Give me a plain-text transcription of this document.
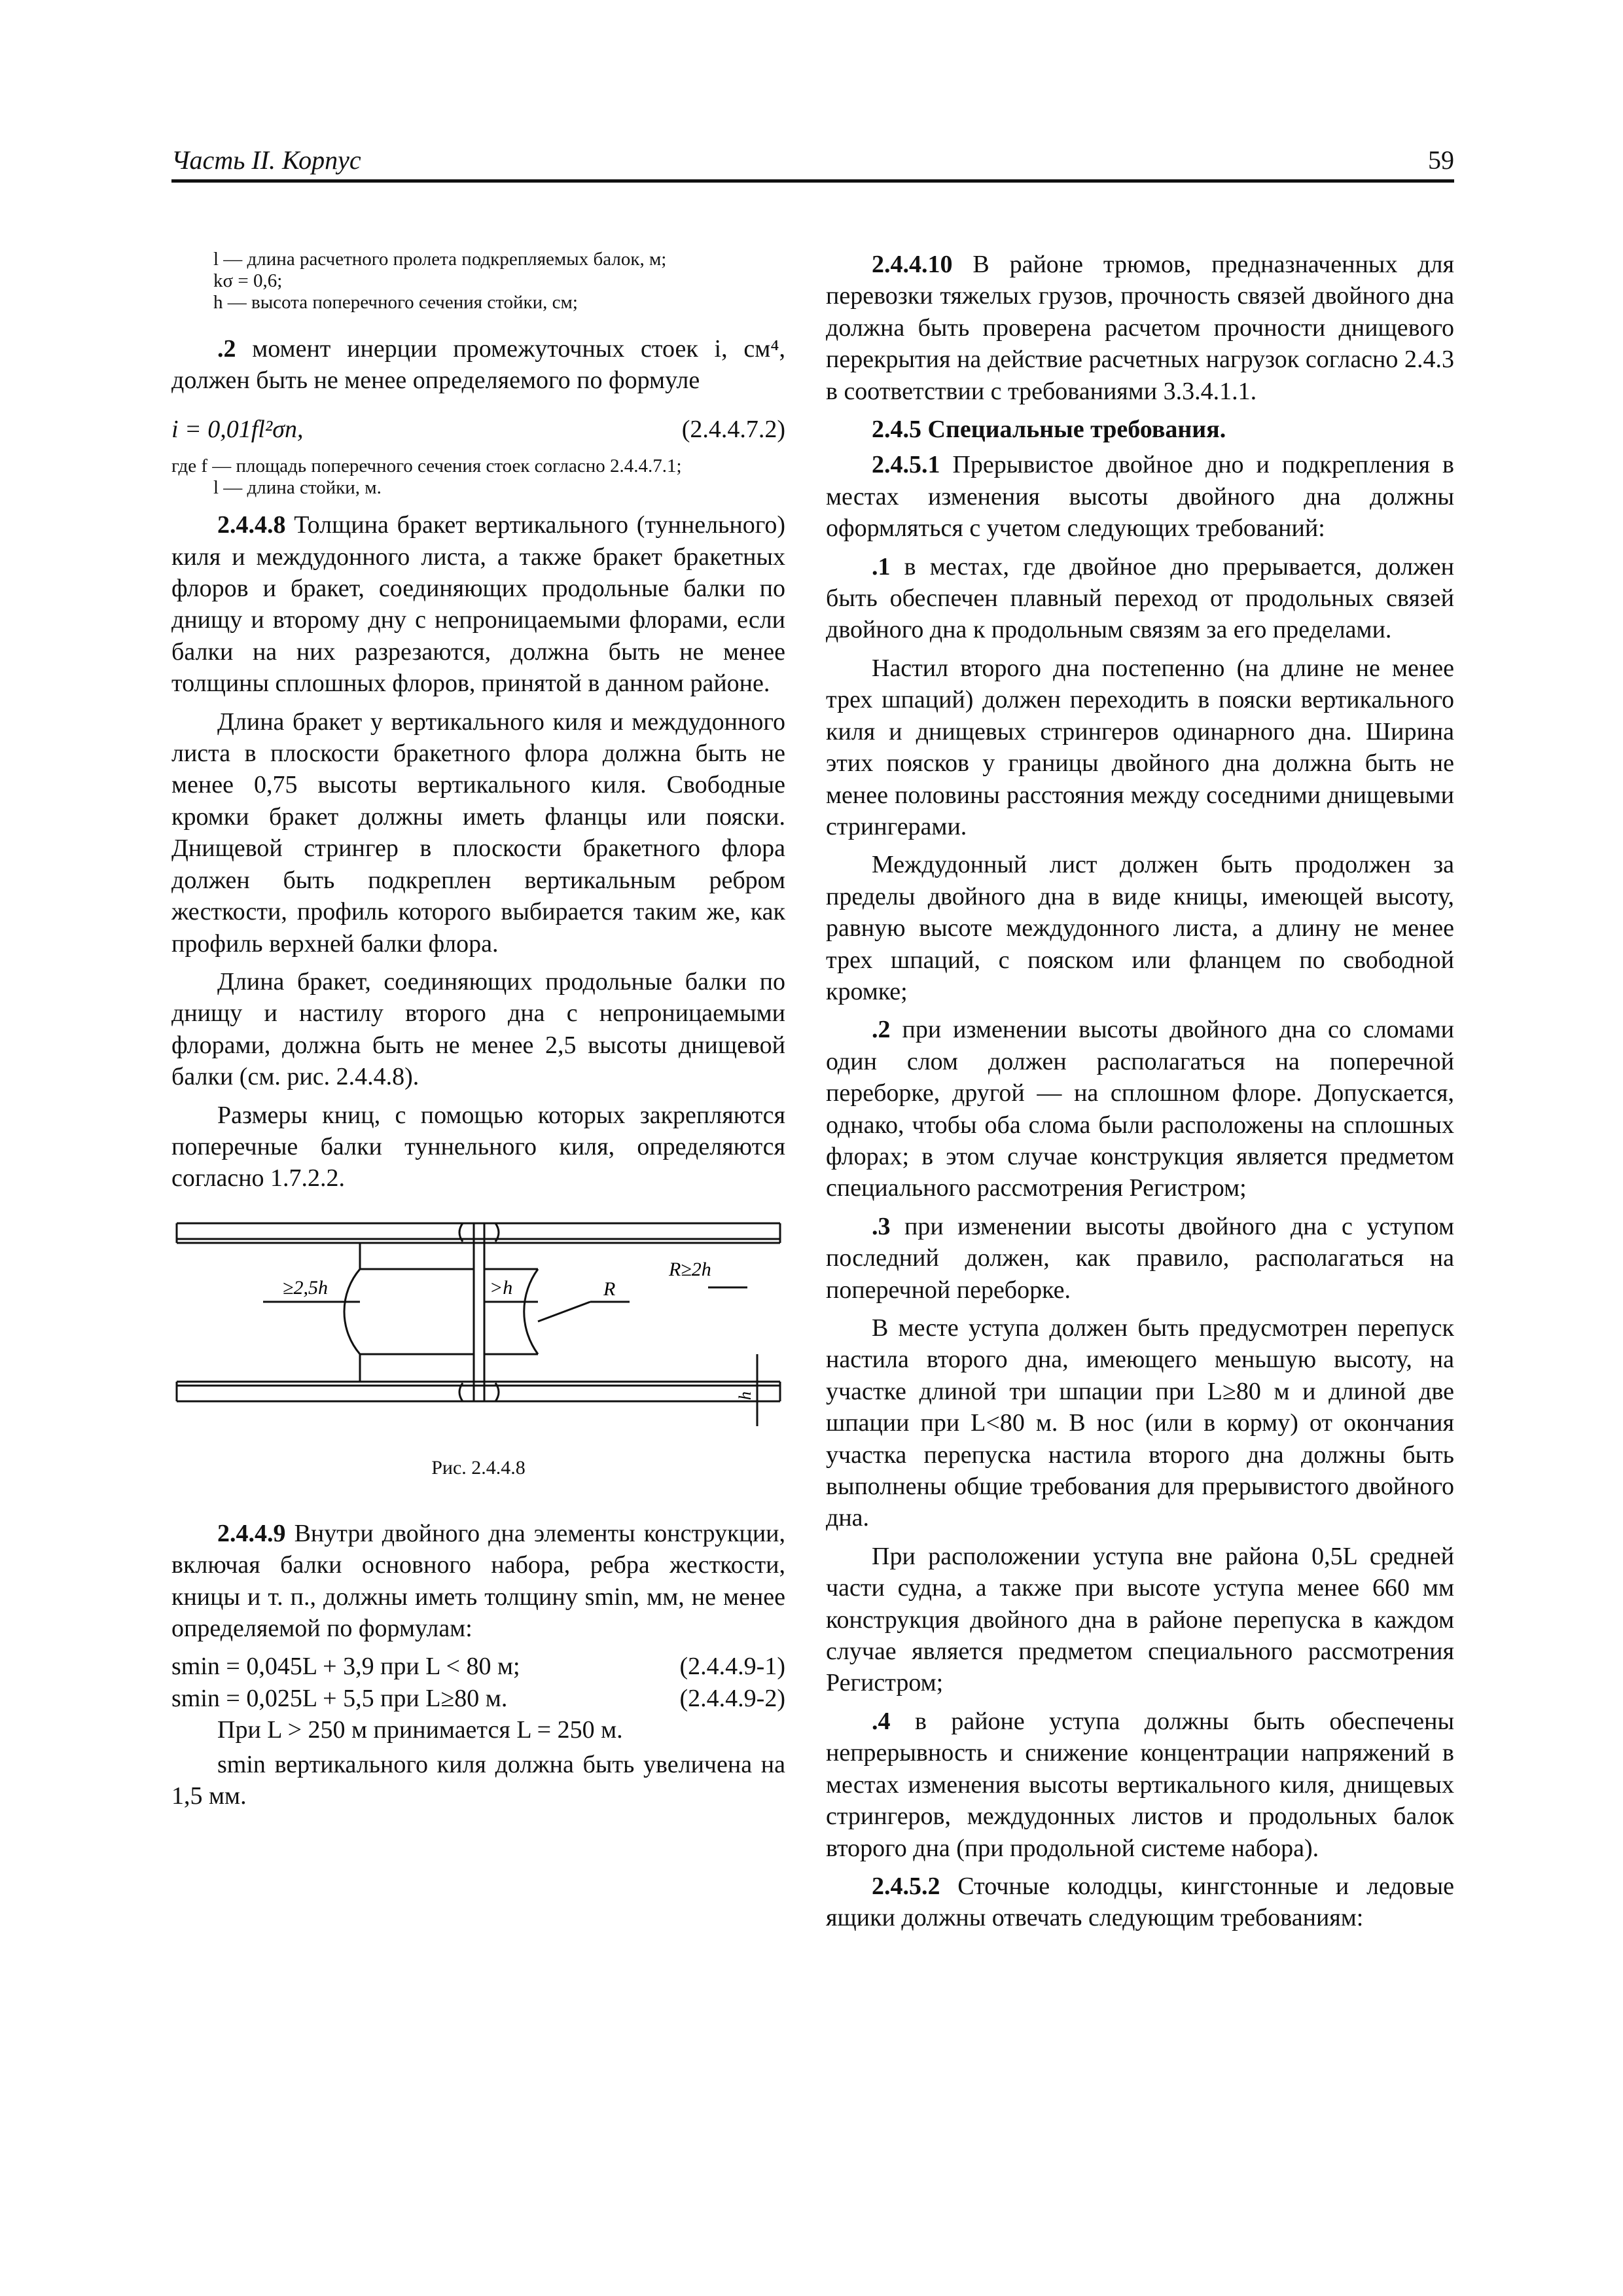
Часть II. Корпус	59

l — длина расчетного пролета подкрепляемых балок, м;

kσ = 0,6;

h — высота поперечного сечения стойки, см;

.2 момент инерции промежуточных стоек i, см⁴, должен быть не менее определяемого по формуле

i = 0,01fl²σn,	(2.4.4.7.2)

где f — площадь поперечного сечения стоек согласно 2.4.4.7.1;

l — длина стойки, м.

2.4.4.8 Толщина бракет вертикального (туннельного) киля и междудонного листа, а также бракет бракетных флоров и бракет, соединяющих продольные балки по днищу и второму дну с непроницаемыми флорами, если балки на них разрезаются, должна быть не менее толщины сплошных флоров, принятой в данном районе.

Длина бракет у вертикального киля и междудонного листа в плоскости бракетного флора должна быть не менее 0,75 высоты вертикального киля. Свободные кромки бракет должны иметь фланцы или пояски. Днищевой стрингер в плоскости бракетного флора должен быть подкреплен вертикальным ребром жесткости, профиль которого выбирается таким же, как профиль верхней балки флора.

Длина бракет, соединяющих продольные балки по днищу и настилу второго дна с непроницаемыми флорами, должна быть не менее 2,5 высоты днищевой балки (см. рис. 2.4.4.8).

Размеры книц, с помощью которых закрепляются поперечные балки туннельного киля, определяются согласно 1.7.2.2.

≥2,5h	>h	R
R≥2h
h

Рис. 2.4.4.8

2.4.4.9 Внутри двойного дна элементы конструкции, включая балки основного набора, ребра жесткости, кницы и т. п., должны иметь толщину smin, мм, не менее определяемой по формулам:

smin = 0,045L + 3,9 при L < 80 м;	(2.4.4.9-1)
smin = 0,025L + 5,5 при L≥80 м.	(2.4.4.9-2)

При L > 250 м принимается L = 250 м.

smin вертикального киля должна быть увеличена на 1,5 мм.

2.4.4.10 В районе трюмов, предназначенных для перевозки тяжелых грузов, прочность связей двойного дна должна быть проверена расчетом прочности днищевого перекрытия на действие расчетных нагрузок согласно 2.4.3 в соответствии с требованиями 3.3.4.1.1.

2.4.5 Специальные требования.

2.4.5.1 Прерывистое двойное дно и подкрепления в местах изменения высоты двойного дна должны оформляться с учетом следующих требований:

.1 в местах, где двойное дно прерывается, должен быть обеспечен плавный переход от продольных связей двойного дна к продольным связям за его пределами.

Настил второго дна постепенно (на длине не менее трех шпаций) должен переходить в пояски вертикального киля и днищевых стрингеров одинарного дна. Ширина этих поясков у границы двойного дна должна быть не менее половины расстояния между соседними днищевыми стрингерами.

Междудонный лист должен быть продолжен за пределы двойного дна в виде кницы, имеющей высоту, равную высоте междудонного листа, а длину не менее трех шпаций, с пояском или фланцем по свободной кромке;

.2 при изменении высоты двойного дна со сломами один слом должен располагаться на поперечной переборке, другой — на сплошном флоре. Допускается, однако, чтобы оба слома были расположены на сплошных флорах; в этом случае конструкция является предметом специального рассмотрения Регистром;

.3 при изменении высоты двойного дна с уступом последний должен, как правило, располагаться на поперечной переборке.

В месте уступа должен быть предусмотрен перепуск настила второго дна, имеющего меньшую высоту, на участке длиной три шпации при L≥80 м и длиной две шпации при L<80 м. В нос (или в корму) от окончания участка перепуска настила второго дна должны быть выполнены общие требования для прерывистого двойного дна.

При расположении уступа вне района 0,5L средней части судна, а также при высоте уступа менее 660 мм конструкция двойного дна в районе перепуска в каждом случае является предметом специального рассмотрения Регистром;

.4 в районе уступа должны быть обеспечены непрерывность и снижение концентрации напряжений в местах изменения высоты вертикального киля, днищевых стрингеров, междудонных листов и продольных балок второго дна (при продольной системе набора).

2.4.5.2 Сточные колодцы, кингстонные и ледовые ящики должны отвечать следующим требованиям:
